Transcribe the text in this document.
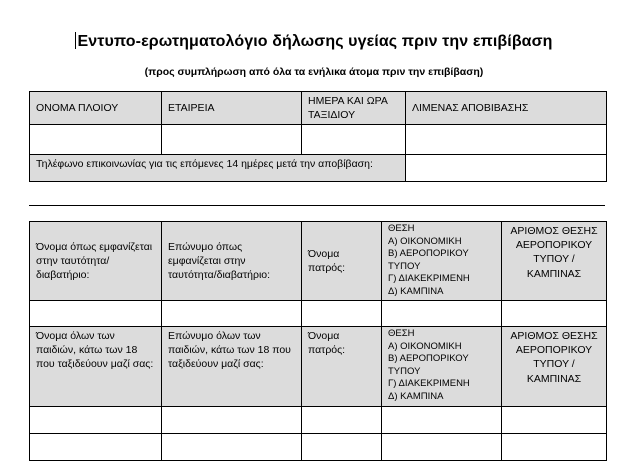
Εντυπο-ερωτηματολόγιο δήλωσης υγείας πριν την επιβίβαση
(προς συμπλήρωση από όλα τα ενήλικα άτομα πριν την επιβίβαση)
ΟΝΟΜΑ ΠΛΟΙΟΥ	ΕΤΑΙΡΕΙΑ	ΗΜΕΡΑ ΚΑΙ ΩΡΑ ΤΑΞΙΔΙΟΥ	ΛΙΜΕΝΑΣ ΑΠΟΒΙΒΑΣΗΣ

Τηλέφωνο επικοινωνίας για τις επόμενες 14 ημέρες μετά την αποβίβαση:			
Όνομα όπως εμφανίζεται στην ταυτότητα/ διαβατήριο:	Επώνυμο όπως εμφανίζεται στην ταυτότητα/διαβατήριο:	Όνομα πατρός:	ΘΕΣΗ
Α) ΟΙΚΟΝΟΜΙΚΗ
Β) ΑΕΡΟΠΟΡΙΚΟΥ ΤΥΠΟΥ
Γ) ΔΙΑΚΕΚΡΙΜΕΝΗ
Δ) ΚΑΜΠΙΝΑ	ΑΡΙΘΜΟΣ ΘΕΣΗΣ ΑΕΡΟΠΟΡΙΚΟΥ ΤΥΠΟΥ / ΚΑΜΠΙΝΑΣ

Όνομα όλων των παιδιών, κάτω των 18 που ταξιδεύουν μαζί σας:	Επώνυμο όλων των παιδιών, κάτω των 18 που ταξιδεύουν μαζί σας:	Όνομα πατρός:	ΘΕΣΗ
Α) ΟΙΚΟΝΟΜΙΚΗ
Β) ΑΕΡΟΠΟΡΙΚΟΥ ΤΥΠΟΥ
Γ) ΔΙΑΚΕΚΡΙΜΕΝΗ
Δ) ΚΑΜΠΙΝΑ	ΑΡΙΘΜΟΣ ΘΕΣΗΣ ΑΕΡΟΠΟΡΙΚΟΥ ΤΥΠΟΥ / ΚΑΜΠΙΝΑΣ
